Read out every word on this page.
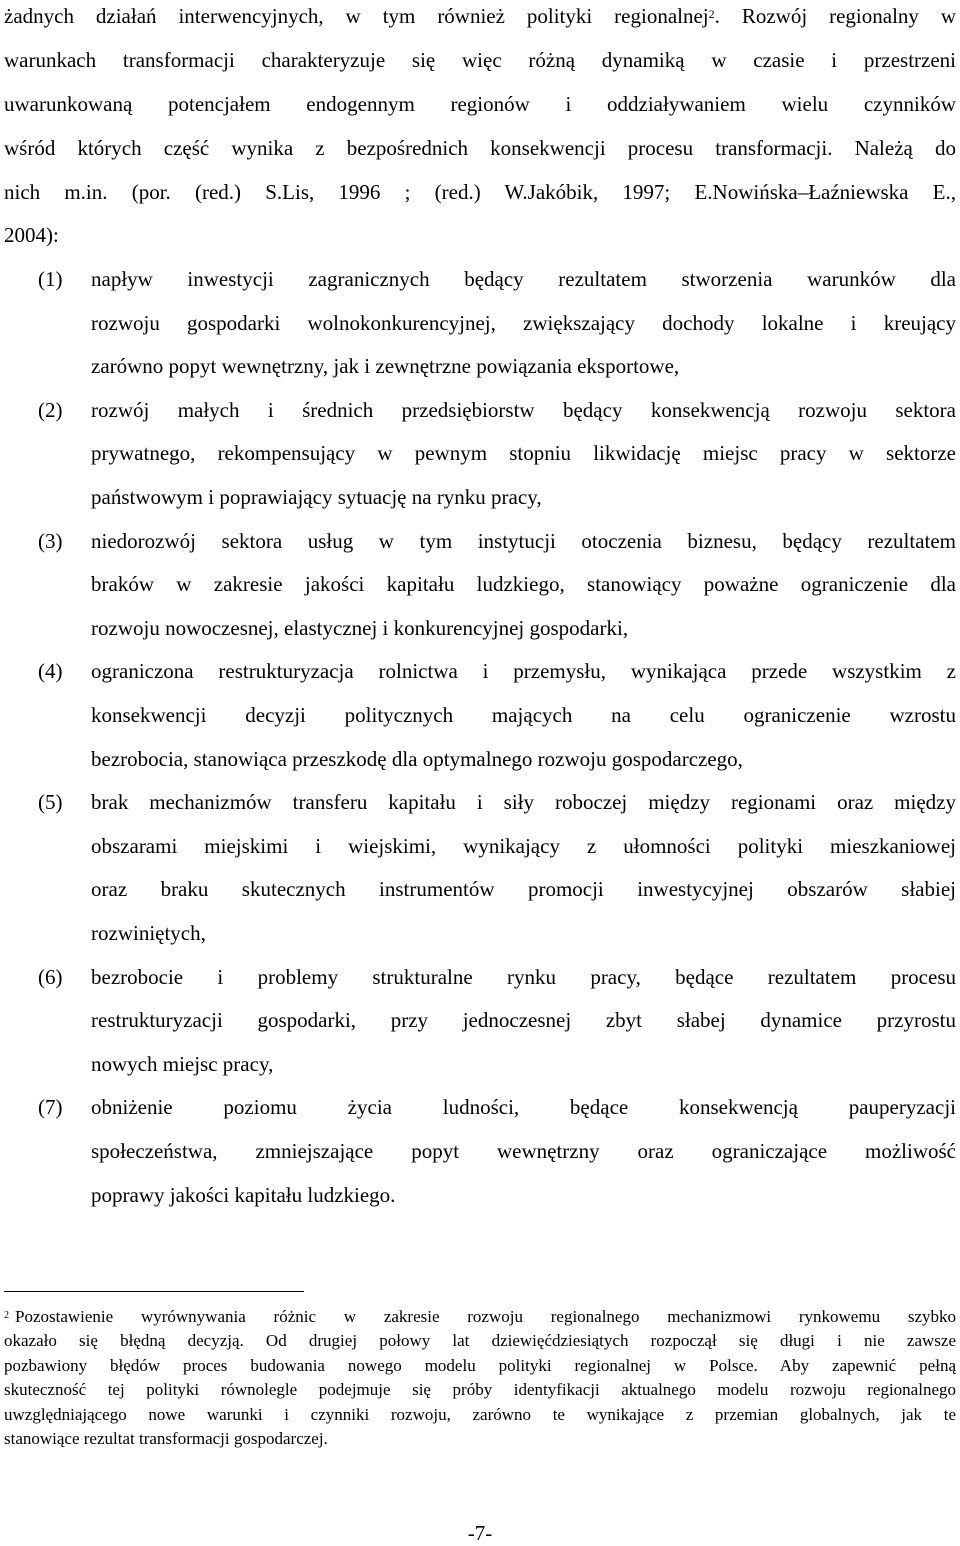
żadnych działań interwencyjnych, w tym również polityki regionalnej$^2$. Rozwój regionalny w
warunkach transformacji charakteryzuje się więc różną dynamiką w czasie i przestrzeni
uwarunkowaną potencjałem endogennym regionów i oddziaływaniem wielu czynników
wśród których część wynika z bezpośrednich konsekwencji procesu transformacji. Należą do
nich m.in. (por. (red.) S.Lis, 1996 ; (red.) W.Jakóbik, 1997; E.Nowińska–Łaźniewska E.,
2004):
(1) napływ inwestycji zagranicznych będący rezultatem stworzenia warunków dla
rozwoju gospodarki wolnokonkurencyjnej, zwiększający dochody lokalne i kreujący
zarówno popyt wewnętrzny, jak i zewnętrzne powiązania eksportowe,
(2) rozwój małych i średnich przedsiębiorstw będący konsekwencją rozwoju sektora
prywatnego, rekompensujący w pewnym stopniu likwidację miejsc pracy w sektorze
państwowym i poprawiający sytuację na rynku pracy,
(3) niedorozwój sektora usług w tym instytucji otoczenia biznesu, będący rezultatem
braków w zakresie jakości kapitału ludzkiego, stanowiący poważne ograniczenie dla
rozwoju nowoczesnej, elastycznej i konkurencyjnej gospodarki,
(4) ograniczona restrukturyzacja rolnictwa i przemysłu, wynikająca przede wszystkim z
konsekwencji decyzji politycznych mających na celu ograniczenie wzrostu
bezrobocia, stanowiąca przeszkodę dla optymalnego rozwoju gospodarczego,
(5) brak mechanizmów transferu kapitału i siły roboczej między regionami oraz między
obszarami miejskimi i wiejskimi, wynikający z ułomności polityki mieszkaniowej
oraz braku skutecznych instrumentów promocji inwestycyjnej obszarów słabiej
rozwiniętych,
(6) bezrobocie i problemy strukturalne rynku pracy, będące rezultatem procesu
restrukturyzacji gospodarki, przy jednoczesnej zbyt słabej dynamice przyrostu
nowych miejsc pracy,
(7) obniżenie poziomu życia ludności, będące konsekwencją pauperyzacji
społeczeństwa, zmniejszające popyt wewnętrzny oraz ograniczające możliwość
poprawy jakości kapitału ludzkiego.
$^2$ Pozostawienie wyrównywania różnic w zakresie rozwoju regionalnego mechanizmowi rynkowemu szybko
okazało się błędną decyzją. Od drugiej połowy lat dziewięćdziesiątych rozpoczął się długi i nie zawsze
pozbawiony błędów proces budowania nowego modelu polityki regionalnej w Polsce. Aby zapewnić pełną
skuteczność tej polityki równolegle podejmuje się próby identyfikacji aktualnego modelu rozwoju regionalnego
uwzględniającego nowe warunki i czynniki rozwoju, zarówno te wynikające z przemian globalnych, jak te
stanowiące rezultat transformacji gospodarczej.
-7-
